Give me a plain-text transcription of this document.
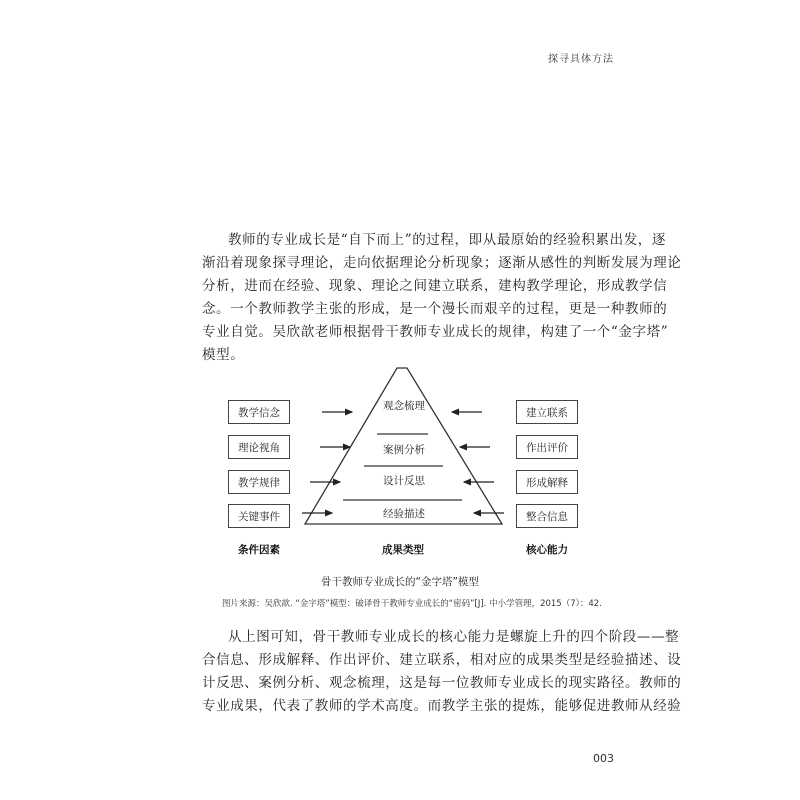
探寻具体方法
教师的专业成长是“自下而上”的过程，即从最原始的经验积累出发，逐
渐沿着现象探寻理论，走向依据理论分析现象；逐渐从感性的判断发展为理论
分析，进而在经验、现象、理论之间建立联系，建构教学理论，形成教学信
念。一个教师教学主张的形成，是一个漫长而艰辛的过程，更是一种教师的
专业自觉。吴欣歆老师根据骨干教师专业成长的规律，构建了一个“金字塔”
模型。
教学信念
理论视角
教学规律
关键事件
观念梳理
案例分析
设计反思
经验描述
建立联系
作出评价
形成解释
整合信息
条件因素	成果类型	核心能力
骨干教师专业成长的“金字塔”模型
图片来源：吴欣歆. “金字塔”模型：破译骨干教师专业成长的“密码”[J]. 中小学管理，2015（7）：42.
从上图可知，骨干教师专业成长的核心能力是螺旋上升的四个阶段——整
合信息、形成解释、作出评价、建立联系，相对应的成果类型是经验描述、设
计反思、案例分析、观念梳理，这是每一位教师专业成长的现实路径。教师的
专业成果，代表了教师的学术高度。而教学主张的提炼，能够促进教师从经验
003
